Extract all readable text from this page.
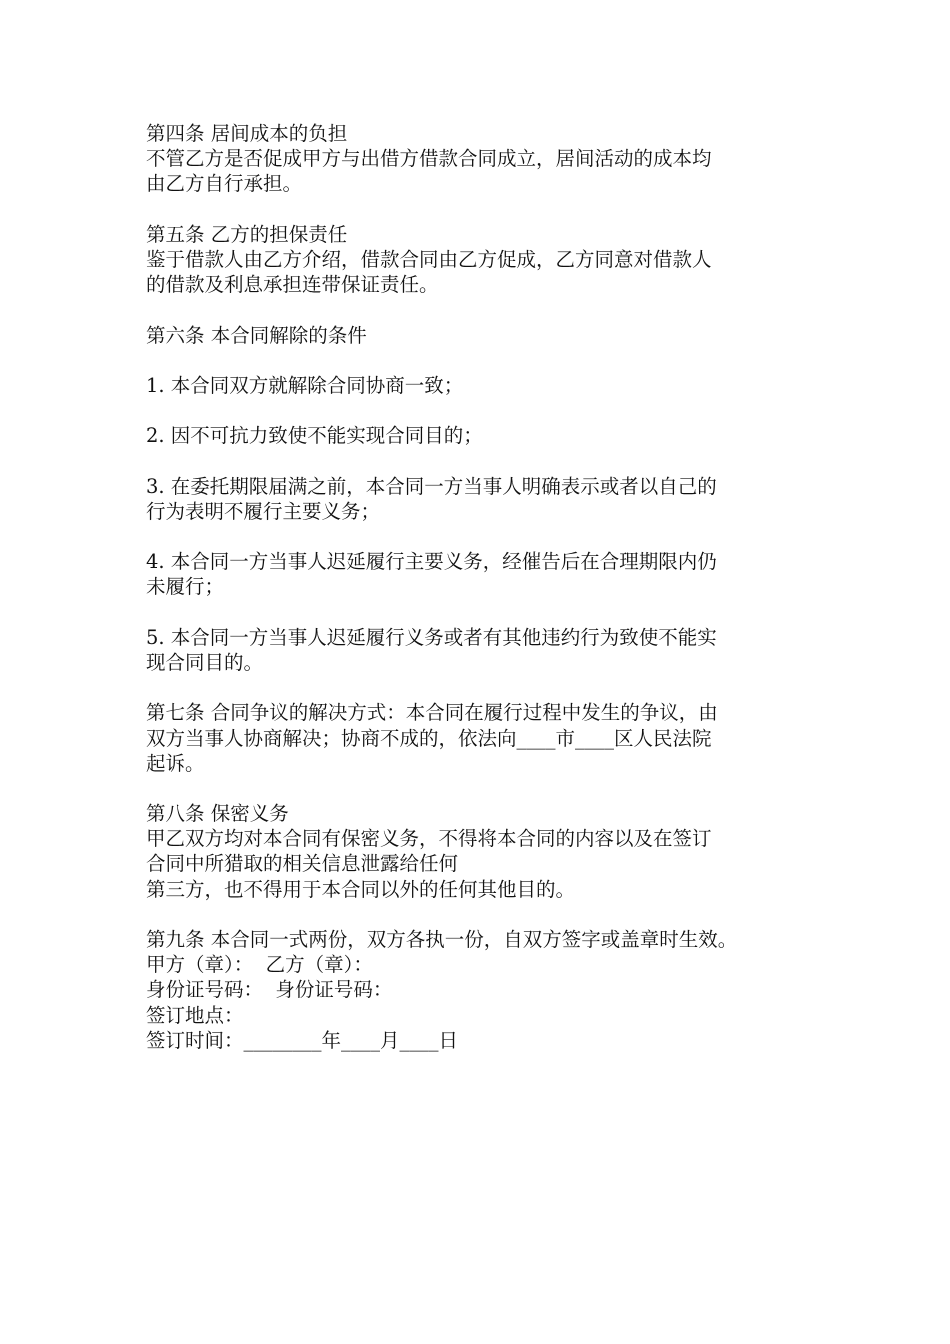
第四条 居间成本的负担
不管乙方是否促成甲方与出借方借款合同成立，居间活动的成本均
由乙方自行承担。
第五条 乙方的担保责任
鉴于借款人由乙方介绍，借款合同由乙方促成，乙方同意对借款人
的借款及利息承担连带保证责任。
第六条 本合同解除的条件
1. 本合同双方就解除合同协商一致；
2. 因不可抗力致使不能实现合同目的；
3. 在委托期限届满之前，本合同一方当事人明确表示或者以自己的
行为表明不履行主要义务；
4. 本合同一方当事人迟延履行主要义务，经催告后在合理期限内仍
未履行；
5. 本合同一方当事人迟延履行义务或者有其他违约行为致使不能实
现合同目的。
第七条 合同争议的解决方式：本合同在履行过程中发生的争议，由
双方当事人协商解决；协商不成的，依法向____市____区人民法院
起诉。
第八条 保密义务
甲乙双方均对本合同有保密义务，不得将本合同的内容以及在签订
合同中所猎取的相关信息泄露给任何
第三方，也不得用于本合同以外的任何其他目的。
第九条 本合同一式两份，双方各执一份，自双方签字或盖章时生效。
甲方（章）：  乙方（章）：
身份证号码：  身份证号码：
签订地点：
签订时间：________年____月____日
